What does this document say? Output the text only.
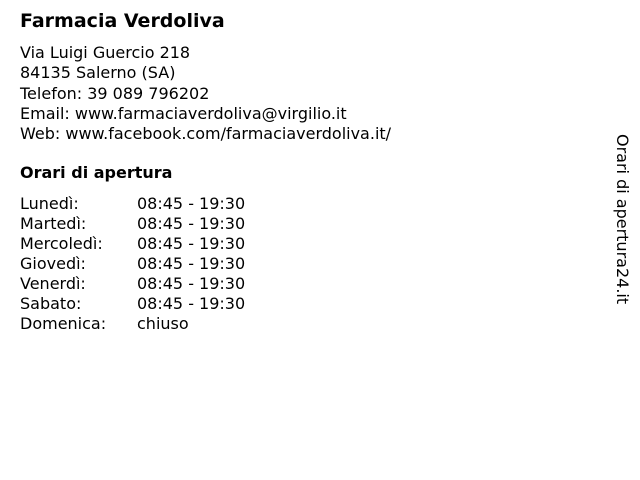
Farmacia Verdoliva
Via Luigi Guercio 218
84135 Salerno (SA)
Telefon: 39 089 796202
Email: www.farmaciaverdoliva@virgilio.it
Web: www.facebook.com/farmaciaverdoliva.it/
Orari di apertura
Lunedì:	08:45 - 19:30
Martedì:	08:45 - 19:30
Mercoledì: 08:45 - 19:30
Giovedì:	08:45 - 19:30
Venerdì:	08:45 - 19:30
Sabato:	08:45 - 19:30
Domenica: chiuso
Orari di apertura24.it
